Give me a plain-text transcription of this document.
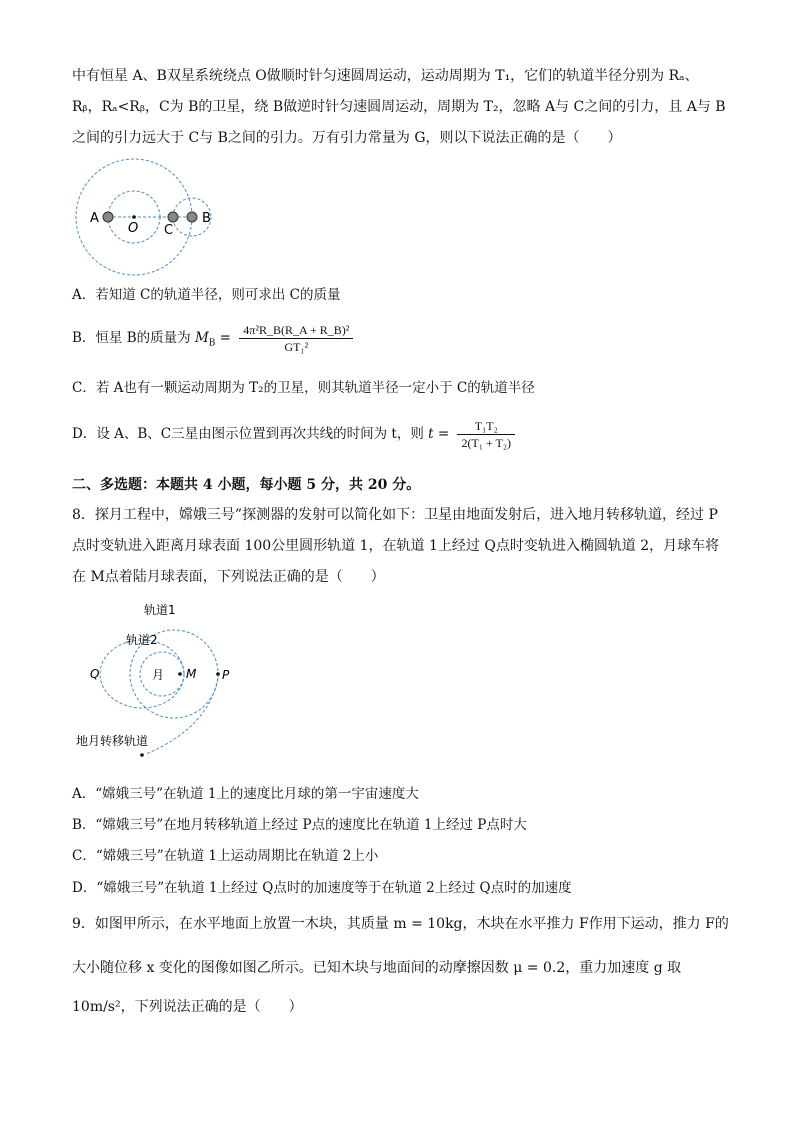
中有恒星 A、B双星系统绕点 O做顺时针匀速圆周运动，运动周期为 T₁，它们的轨道半径分别为 Rₐ、
Rᵦ，Rₐ<Rᵦ，C为 B的卫星，绕 B做逆时针匀速圆周运动，周期为 T₂，忽略 A与 C之间的引力，且 A与 B
之间的引力远大于 C与 B之间的引力。万有引力常量为 G，则以下说法正确的是（　　）
A
O C
B
A．若知道 C的轨道半径，则可求出 C的质量
B．恒星 B的质量为 $M_B = \frac{\text{4π²R\_B(R\_A + R\_B)²}}{\text{GT₁²}}$
C．若 A也有一颗运动周期为 T₂的卫星，则其轨道半径一定小于 C的轨道半径
D．设 A、B、C三星由图示位置到再次共线的时间为 t，则 $t = \frac{\text{T₁T₂}}{\text{2(T₁ + T₂)}}$
二、多选题：本题共 4 小题，每小题 5 分，共 20 分。
8．探月工程中，嫦娥三号”探测器的发射可以简化如下：卫星由地面发射后，进入地月转移轨道，经过 P
点时变轨进入距离月球表面 100公里圆形轨道 1，在轨道 1上经过 Q点时变轨进入椭圆轨道 2，月球车将
在 M点着陆月球表面，下列说法正确的是（　　）
轨道1
轨道2
Q	月 M P
地月转移轨道
A．“嫦娥三号”在轨道 1上的速度比月球的第一宇宙速度大
B．“嫦娥三号”在地月转移轨道上经过 P点的速度比在轨道 1上经过 P点时大
C．“嫦娥三号”在轨道 1上运动周期比在轨道 2上小
D．“嫦娥三号”在轨道 1上经过 Q点时的加速度等于在轨道 2上经过 Q点时的加速度
9．如图甲所示，在水平地面上放置一木块，其质量 m = 10kg，木块在水平推力 F作用下运动，推力 F的
大小随位移 x 变化的图像如图乙所示。已知木块与地面间的动摩擦因数 μ = 0.2，重力加速度 g 取
10m/s²，下列说法正确的是（　　）
